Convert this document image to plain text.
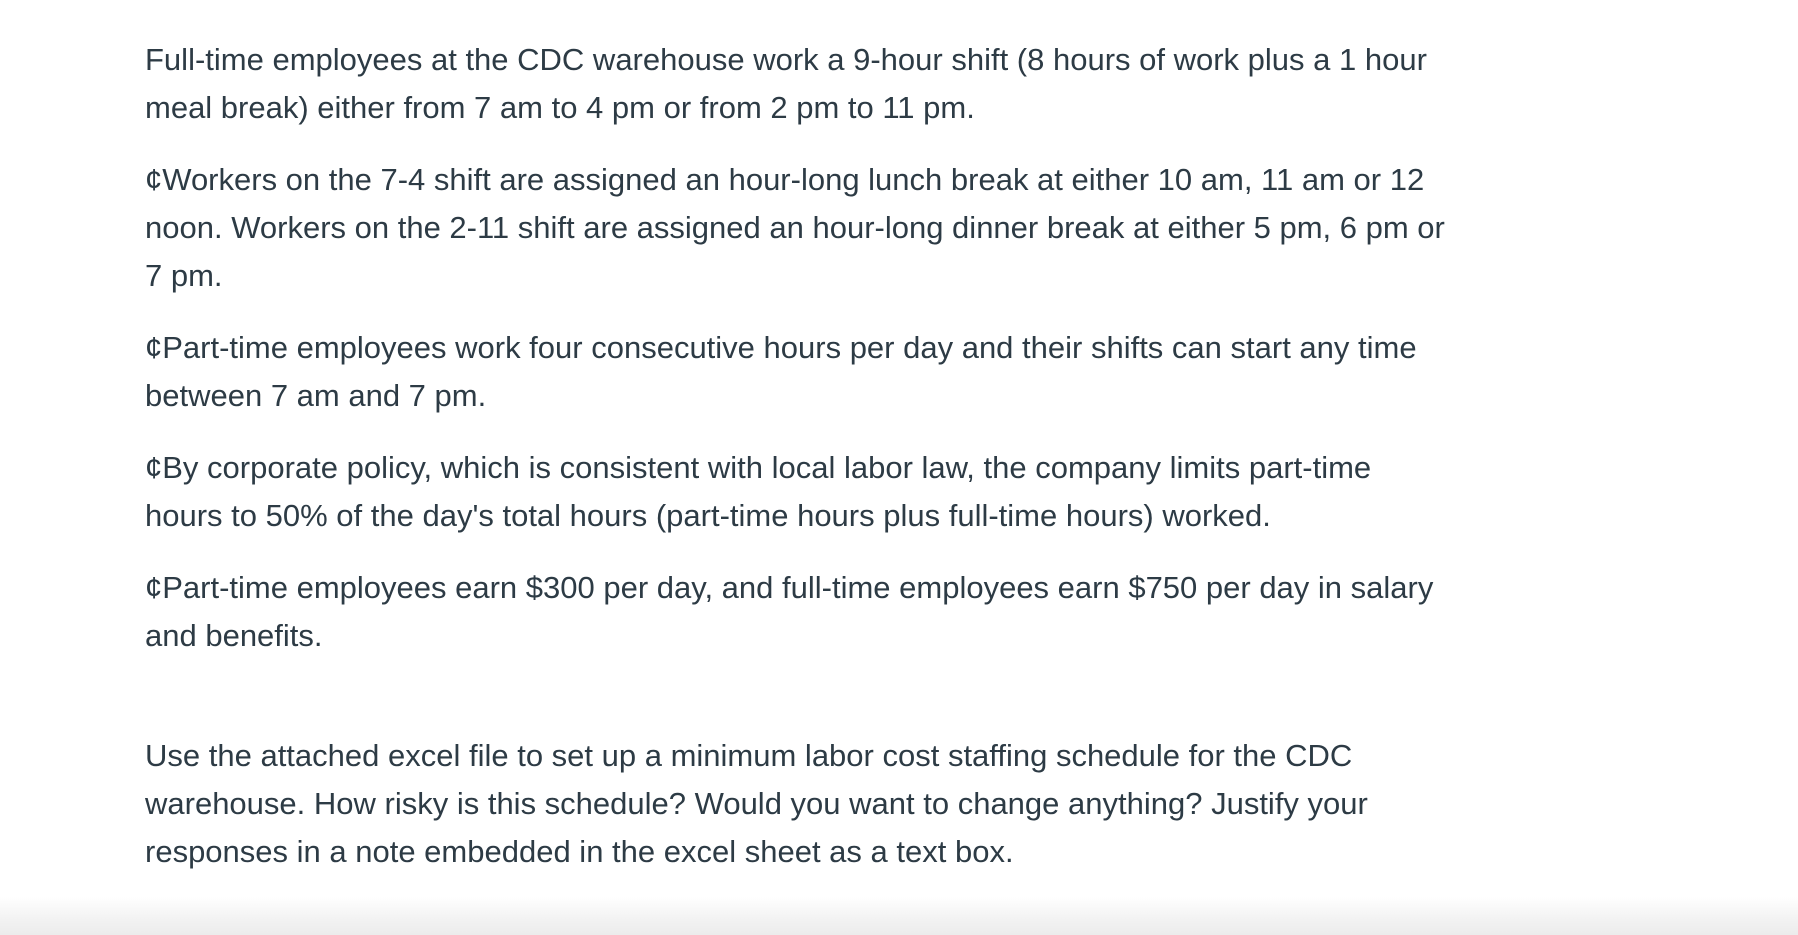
Full-time employees at the CDC warehouse work a 9-hour shift (8 hours of work plus a 1 hour meal break) either from 7 am to 4 pm or from 2 pm to 11 pm.

¢Workers on the 7-4 shift are assigned an hour-long lunch break at either 10 am, 11 am or 12 noon. Workers on the 2-11 shift are assigned an hour-long dinner break at either 5 pm, 6 pm or 7 pm.

¢Part-time employees work four consecutive hours per day and their shifts can start any time between 7 am and 7 pm.

¢By corporate policy, which is consistent with local labor law, the company limits part-time hours to 50% of the day's total hours (part-time hours plus full-time hours) worked.

¢Part-time employees earn $300 per day, and full-time employees earn $750 per day in salary and benefits.

Use the attached excel file to set up a minimum labor cost staffing schedule for the CDC warehouse. How risky is this schedule? Would you want to change anything? Justify your responses in a note embedded in the excel sheet as a text box.
